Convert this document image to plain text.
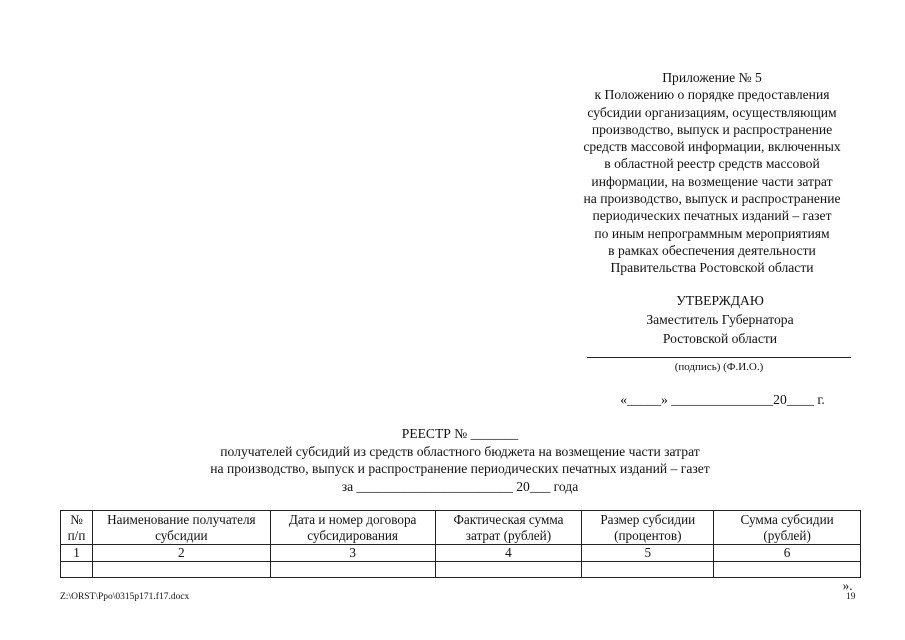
Приложение № 5
к Положению о порядке предоставления
субсидии организациям, осуществляющим
производство, выпуск и распространение
средств массовой информации, включенных
в областной реестр средств массовой
информации, на возмещение части затрат
на производство, выпуск и распространение
периодических печатных изданий – газет
по иным непрограммным мероприятиям
в рамках обеспечения деятельности
Правительства Ростовской области
УТВЕРЖДАЮ
Заместитель Губернатора
Ростовской области
(подпись) (Ф.И.О.)
«_____» _______________20____ г.
РЕЕСТР № _______
получателей субсидий из средств областного бюджета на возмещение части затрат
на производство, выпуск и распространение периодических печатных изданий – газет
за _______________________ 20___ года
№ п/п	Наименование получателя субсидии	Дата и номер договора субсидирования	Фактическая сумма затрат (рублей)	Размер субсидии (процентов)	Сумма субсидии (рублей)
1	2	3	4	5	6

».					
Z:\ORST\Ppo\0315p171.f17.docx	19
